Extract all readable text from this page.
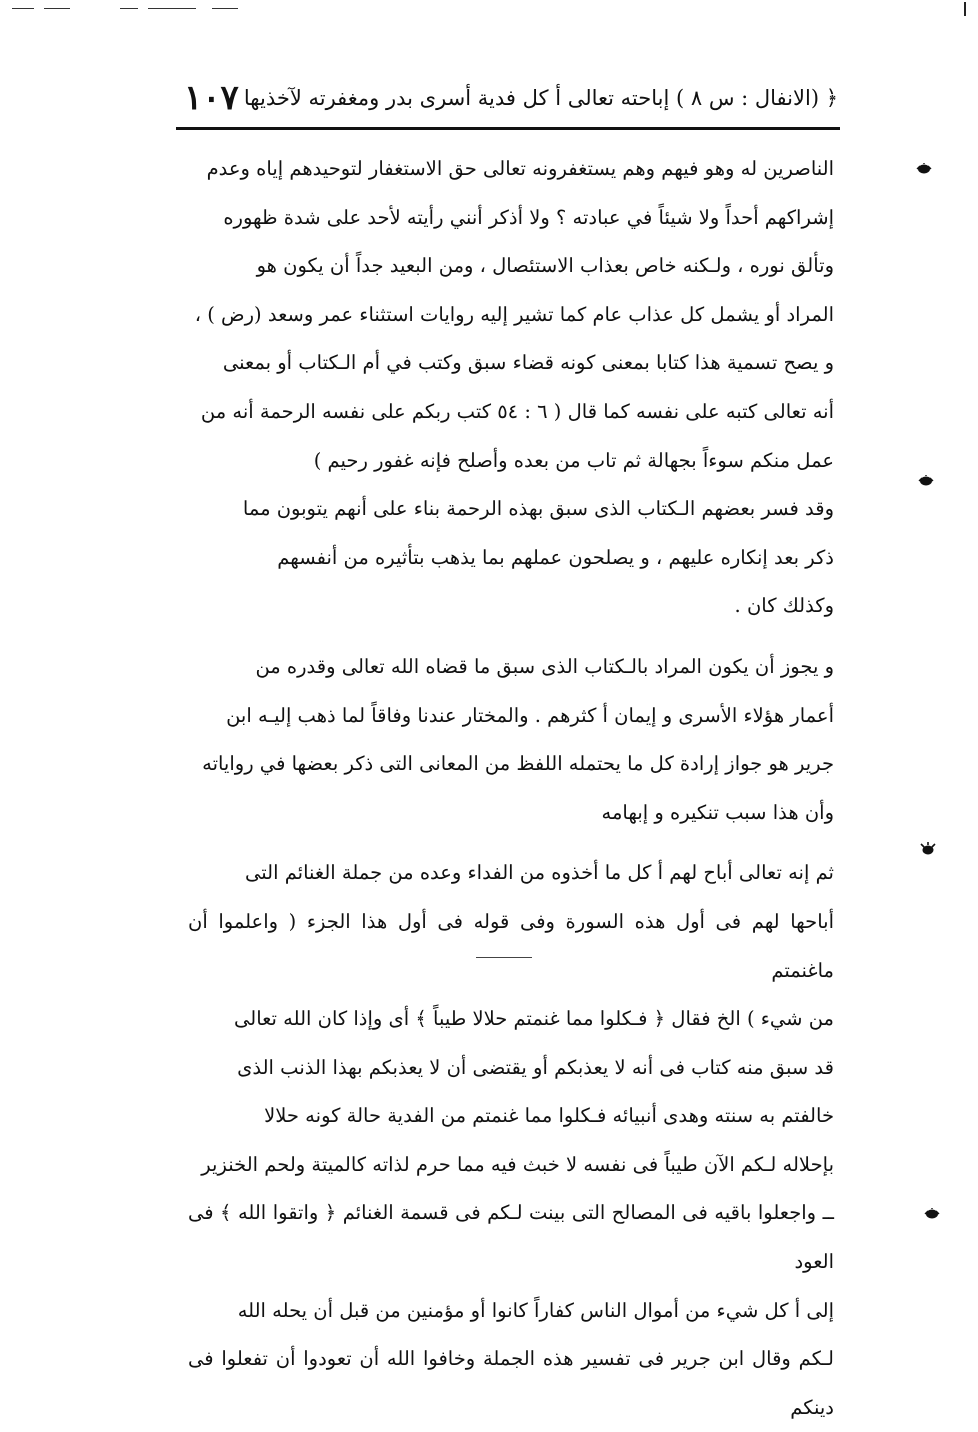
﴿ (الانفال : س ٨ ) إباحته تعالى أ كل فدية أسرى بدر ومغفرته لآخذيها
١٠٧
الناصرين له وهو فيهم وهم يستغفرونه تعالى حق الاستغفار لتوحيدهم إياه وعدم
إشراكهم أحداً ولا شيئاً في عبادته ؟ ولا أذكر أنني رأيته لأحد على شدة ظهوره
وتألق نوره ، ولـكنه خاص بعذاب الاستئصال ، ومن البعيد جداً أن يكون هو
المراد أو يشمل كل عذاب عام كما تشير إليه روايات استثناء عمر وسعد (رض ) ،
و يصح تسمية هذا كتابا بمعنى كونه قضاء سبق وكتب في أم الـكتاب أو بمعنى
أنه تعالى كتبه على نفسه كما قال ( ٦ : ٥٤ كتب ربكم على نفسه الرحمة أنه من
عمل منكم سوءاً بجهالة ثم تاب من بعده وأصلح فإنه غفور رحيم )
وقد فسر بعضهم الـكتاب الذى سبق بهذه الرحمة بناء على أنهم يتوبون مما
ذكر بعد إنكاره عليهم ، و يصلحون عملهم بما يذهب بتأثيره من أنفسهم
وكذلك كان .
و يجوز أن يكون المراد بالـكتاب الذى سبق ما قضاه الله تعالى وقدره من
أعمار هؤلاء الأسرى و إيمان أ كثرهم . والمختار عندنا وفاقاً لما ذهب إليـه ابن
جرير هو جواز إرادة كل ما يحتمله اللفظ من المعانى التى ذكر بعضها في رواياته
وأن هذا سبب تنكيره و إبهامه
ثم إنه تعالى أباح لهم أ كل ما أخذوه من الفداء وعده من جملة الغنائم التى
أباحها لهم فى أول هذه السورة وفى قوله فى أول هذا الجزء ( واعلموا أن ماغنمتم
من شيء ) الخ فقال ﴿ فـكلوا مما غنمتم حلالا طيباً ﴾ أى وإذا كان الله تعالى
قد سبق منه كتاب فى أنه لا يعذبكم أو يقتضى أن لا يعذبكم بهذا الذنب الذى
خالفتم به سنته وهدى أنبيائه فـكلوا مما غنمتم من الفدية حالة كونه حلالا
بإحلاله لـكم الآن طيباً فى نفسه لا خبث فيه مما حرم لذاته كالميتة ولحم الخنزير
ــ واجعلوا باقيه فى المصالح التى بينت لـكم فى قسمة الغنائم ﴿ واتقوا الله ﴾ فى العود
إلى أ كل شيء من أموال الناس كفاراً كانوا أو مؤمنين من قبل أن يحله الله
لـكم وقال ابن جرير فى تفسير هذه الجملة وخافوا الله أن تعودوا أن تفعلوا فى دينكم
